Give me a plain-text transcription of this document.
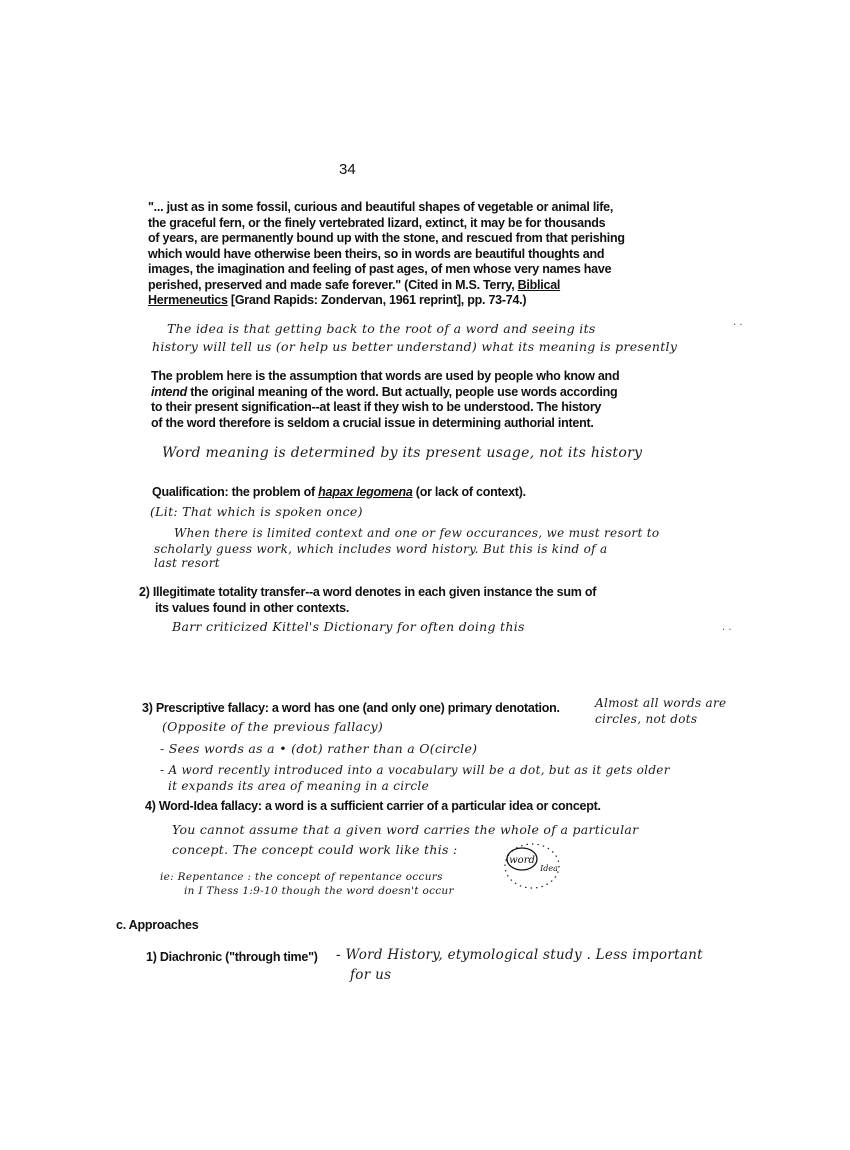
34
"... just as in some fossil, curious and beautiful shapes of vegetable or animal life,
the graceful fern, or the finely vertebrated lizard, extinct, it may be for thousands
of years, are permanently bound up with the stone, and rescued from that perishing
which would have otherwise been theirs, so in words are beautiful thoughts and
images, the imagination and feeling of past ages, of men whose very names have
perished, preserved and made safe forever." (Cited in M.S. Terry, Biblical
Hermeneutics [Grand Rapids: Zondervan, 1961 reprint], pp. 73-74.)
· ·
· ·
The idea is that getting back to the root of a word and seeing its
history will tell us (or help us better understand) what its meaning is presently
The problem here is the assumption that words are used by people who know and
intend the original meaning of the word. But actually, people use words according
to their present signification--at least if they wish to be understood. The history
of the word therefore is seldom a crucial issue in determining authorial intent.
Word meaning is determined by its present usage, not its history
Qualification: the problem of hapax legomena (or lack of context).
(Lit: That which is spoken once)
When there is limited context and one or few occurances, we must resort to
scholarly guess work, which includes word history. But this is kind of a
last resort
2) Illegitimate totality transfer--a word denotes in each given instance the sum of
its values found in other contexts.
Barr criticized Kittel's Dictionary for often doing this
3) Prescriptive fallacy: a word has one (and only one) primary denotation.	Almost all words are
circles, not dots
(Opposite of the previous fallacy)
- Sees words as a • (dot) rather than a O(circle)
- A word recently introduced into a vocabulary will be a dot, but as it gets older
it expands its area of meaning in a circle
4) Word-Idea fallacy: a word is a sufficient carrier of a particular idea or concept.
You cannot assume that a given word carries the whole of a particular
concept. The concept could work like this :
word
Idea
ie: Repentance : the concept of repentance occurs
in I Thess 1:9-10 though the word doesn't occur
c. Approaches
1) Diachronic ("through time") - Word History, etymological study . Less important
for us
